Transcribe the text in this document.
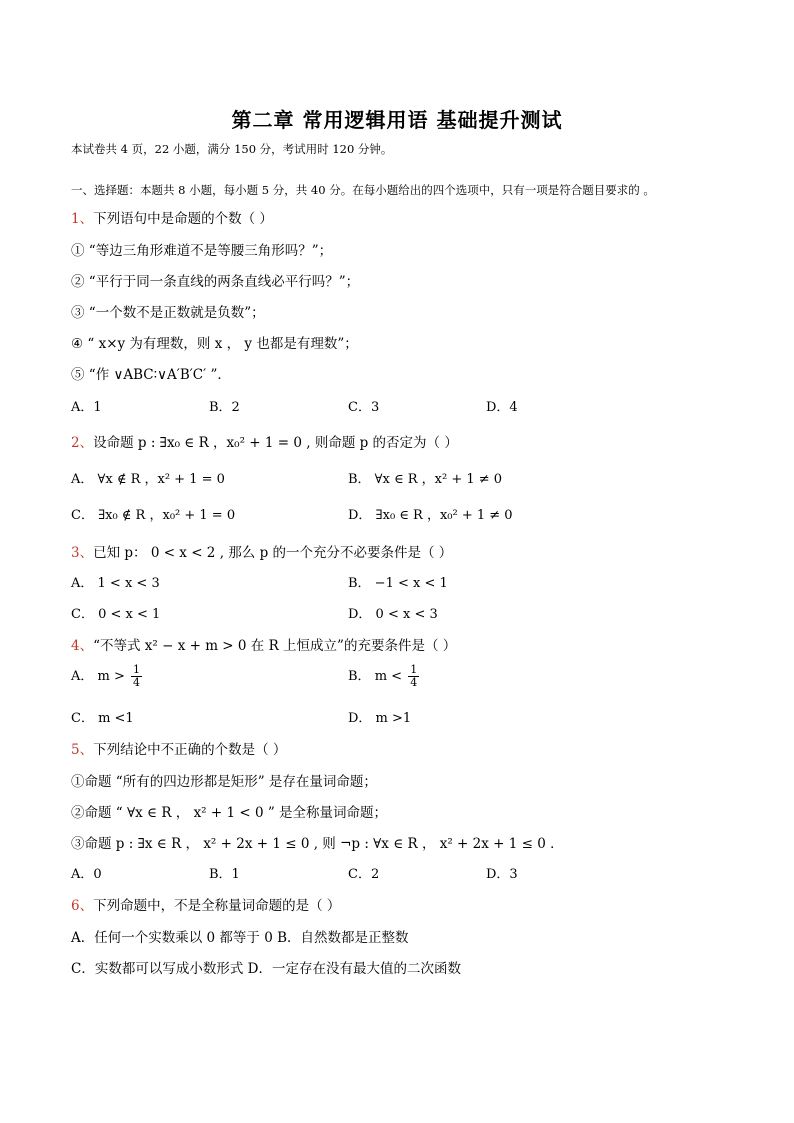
第二章 常用逻辑用语 基础提升测试
本试卷共 4 页，22 小题，满分 150 分，考试用时 120 分钟。
一、选择题：本题共 8 小题，每小题 5 分，共 40 分。在每小题给出的四个选项中，只有一项是符合题目要求的 。
1、下列语句中是命题的个数（ ）
① “等边三角形难道不是等腰三角形吗？”；
② “平行于同一条直线的两条直线必平行吗？”；
③ “一个数不是正数就是负数”；
④ “ x×y 为有理数，则 x ， y 也都是有理数”；
⑤ “作 ∨ABC∶∨A′B′C′ ”．
A．1	B．2	C．3	D．4
2、设命题 p : ∃x₀ ∈ R ，x₀² + 1 = 0 , 则命题 p 的否定为（ ）
A． ∀x ∉ R ，x² + 1 = 0	B． ∀x ∈ R ，x² + 1 ≠ 0
C． ∃x₀ ∉ R ，x₀² + 1 = 0	D． ∃x₀ ∈ R ，x₀² + 1 ≠ 0
3、已知 p： 0 < x < 2 , 那么 p 的一个充分不必要条件是（ ）
A． 1 < x < 3	B． −1 < x < 1
C． 0 < x < 1	D． 0 < x < 3
4、“不等式 x² − x + m > 0 在 R 上恒成立”的充要条件是（ ）
A． $m > \frac{1}{4}$	B． $m < \frac{1}{4}$
C． m <1	D． m >1
5、下列结论中不正确的个数是（ ）
①命题 “所有的四边形都是矩形” 是存在量词命题；
②命题 “ ∀x ∈ R ， x² + 1 < 0 ” 是全称量词命题；
③命题 p : ∃x ∈ R ， x² + 2x + 1 ≤ 0 , 则 ¬p : ∀x ∈ R ， x² + 2x + 1 ≤ 0 ．
A．0	B．1	C．2	D．3
6、下列命题中，不是全称量词命题的是（ ）
A．任何一个实数乘以 0 都等于 0 B．自然数都是正整数
C．实数都可以写成小数形式 D．一定存在没有最大值的二次函数
